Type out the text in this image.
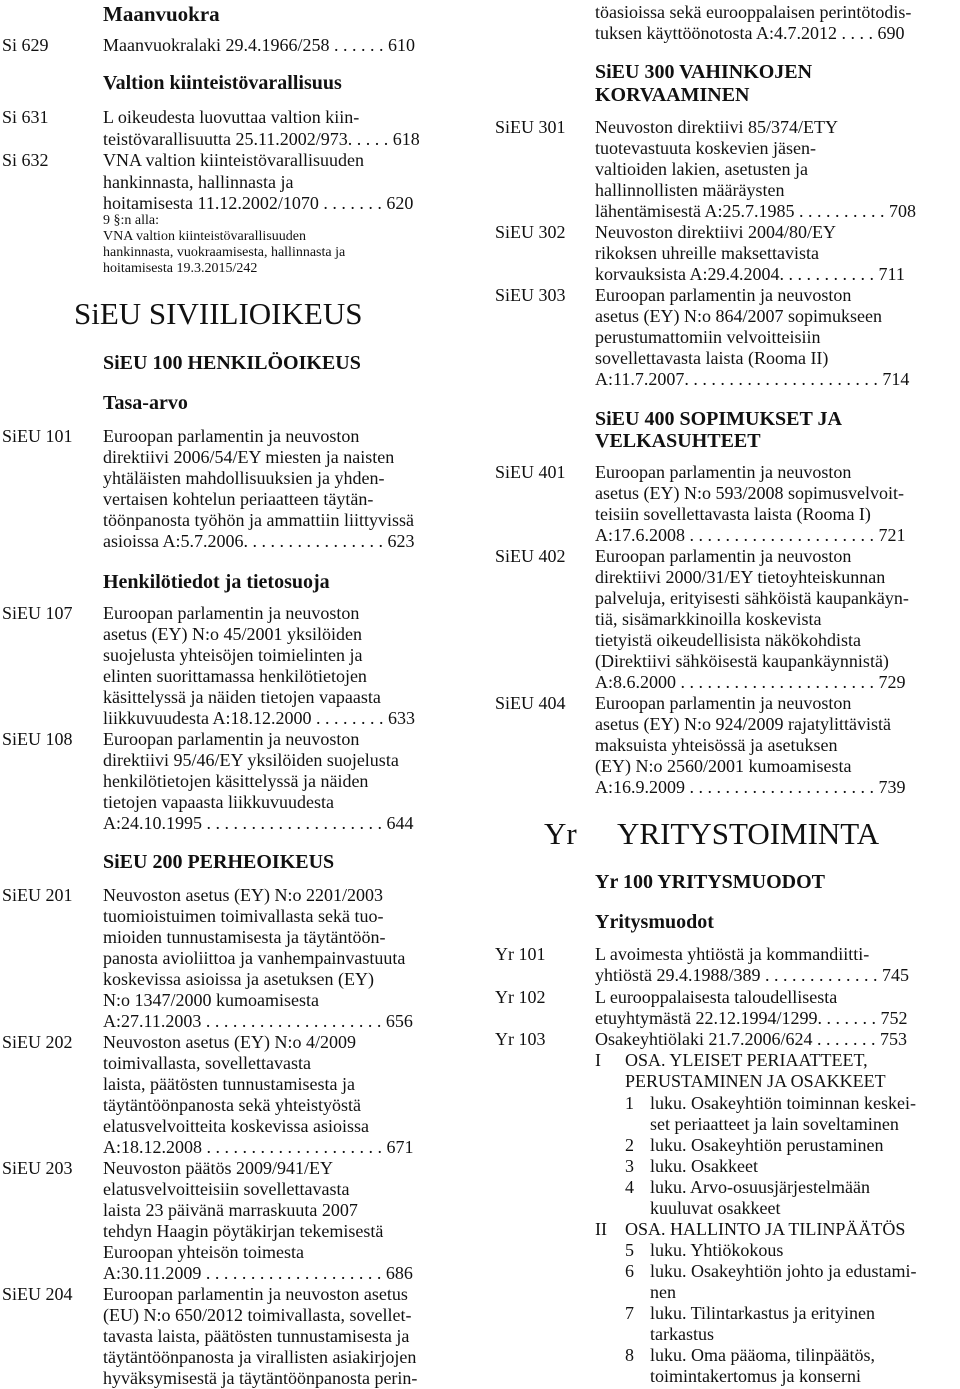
Maanvuokra
Si 629	Maanvuokralaki 29.4.1966/258 . . . . . . 610
Valtion kiinteistövarallisuus
Si 631	L oikeudesta luovuttaa valtion kiin-
teistövarallisuutta 25.11.2002/973. . . . . 618
Si 632	VNA valtion kiinteistövarallisuuden
hankinnasta, hallinnasta ja
hoitamisesta 11.12.2002/1070 . . . . . . . 620
9 §:n alla:
VNA valtion kiinteistövarallisuuden
hankinnasta, vuokraamisesta, hallinnasta ja
hoitamisesta 19.3.2015/242
SiEU SIVIILIOIKEUS
SiEU 100 HENKILÖOIKEUS
Tasa-arvo
SiEU 101 Euroopan parlamentin ja neuvoston
direktiivi 2006/54/EY miesten ja naisten
yhtäläisten mahdollisuuksien ja yhden-
vertaisen kohtelun periaatteen täytän-
töönpanosta työhön ja ammattiin liittyvissä
asioissa A:5.7.2006. . . . . . . . . . . . . . . . 623
Henkilötiedot ja tietosuoja
SiEU 107 Euroopan parlamentin ja neuvoston
asetus (EY) N:o 45/2001 yksilöiden
suojelusta yhteisöjen toimielinten ja
elinten suorittamassa henkilötietojen
käsittelyssä ja näiden tietojen vapaasta
liikkuvuudesta A:18.12.2000 . . . . . . . . 633
SiEU 108 Euroopan parlamentin ja neuvoston
direktiivi 95/46/EY yksilöiden suojelusta
henkilötietojen käsittelyssä ja näiden
tietojen vapaasta liikkuvuudesta
A:24.10.1995 . . . . . . . . . . . . . . . . . . . . 644
SiEU 200 PERHEOIKEUS
SiEU 201 Neuvoston asetus (EY) N:o 2201/2003
tuomioistuimen toimivallasta sekä tuo-
mioiden tunnustamisesta ja täytäntöön-
panosta avioliittoa ja vanhempainvastuuta
koskevissa asioissa ja asetuksen (EY)
N:o 1347/2000 kumoamisesta
A:27.11.2003 . . . . . . . . . . . . . . . . . . . . 656
SiEU 202 Neuvoston asetus (EY) N:o 4/2009
toimivallasta, sovellettavasta
laista, päätösten tunnustamisesta ja
täytäntöönpanosta sekä yhteistyöstä
elatusvelvoitteita koskevissa asioissa
A:18.12.2008 . . . . . . . . . . . . . . . . . . . . 671
SiEU 203 Neuvoston päätös 2009/941/EY
elatusvelvoitteisiin sovellettavasta
laista 23 päivänä marraskuuta 2007
tehdyn Haagin pöytäkirjan tekemisestä
Euroopan yhteisön toimesta
A:30.11.2009 . . . . . . . . . . . . . . . . . . . . 686
SiEU 204 Euroopan parlamentin ja neuvoston asetus
(EU) N:o 650/2012 toimivallasta, sovellet-
tavasta laista, päätösten tunnustamisesta ja
täytäntöönpanosta ja virallisten asiakirjojen
hyväksymisestä ja täytäntöönpanosta perin-
töasioissa sekä eurooppalaisen perintötodis-
tuksen käyttöönotosta A:4.7.2012 . . . . 690
SiEU 300 VAHINKOJEN
KORVAAMINEN
SiEU 301 Neuvoston direktiivi 85/374/ETY
tuotevastuuta koskevien jäsen-
valtioiden lakien, asetusten ja
hallinnollisten määräysten
lähentämisestä A:25.7.1985 . . . . . . . . . . 708
SiEU 302 Neuvoston direktiivi 2004/80/EY
rikoksen uhreille maksettavista
korvauksista A:29.4.2004. . . . . . . . . . . 711
SiEU 303 Euroopan parlamentin ja neuvoston
asetus (EY) N:o 864/2007 sopimukseen
perustumattomiin velvoitteisiin
sovellettavasta laista (Rooma II)
A:11.7.2007. . . . . . . . . . . . . . . . . . . . . . 714
SiEU 400 SOPIMUKSET JA
VELKASUHTEET
SiEU 401 Euroopan parlamentin ja neuvoston
asetus (EY) N:o 593/2008 sopimusvelvoit-
teisiin sovellettavasta laista (Rooma I)
A:17.6.2008 . . . . . . . . . . . . . . . . . . . . . 721
SiEU 402 Euroopan parlamentin ja neuvoston
direktiivi 2000/31/EY tietoyhteiskunnan
palveluja, erityisesti sähköistä kaupankäyn-
tiä, sisämarkkinoilla koskevista
tietyistä oikeudellisista näkökohdista
(Direktiivi sähköisestä kaupankäynnistä)
A:8.6.2000 . . . . . . . . . . . . . . . . . . . . . . 729
SiEU 404 Euroopan parlamentin ja neuvoston
asetus (EY) N:o 924/2009 rajatylittävistä
maksuista yhteisössä ja asetuksen
(EY) N:o 2560/2001 kumoamisesta
A:16.9.2009 . . . . . . . . . . . . . . . . . . . . . 739
Yr YRITYSTOIMINTA
Yr 100 YRITYSMUODOT
Yritysmuodot
Yr 101	L avoimesta yhtiöstä ja kommandiitti-
yhtiöstä 29.4.1988/389 . . . . . . . . . . . . . 745
Yr 102	L eurooppalaisesta taloudellisesta
etuyhtymästä 22.12.1994/1299. . . . . . . 752
Yr 103	Osakeyhtiölaki 21.7.2006/624 . . . . . . . 753
I OSA. YLEISET PERIAATTEET,
PERUSTAMINEN JA OSAKKEET
1 luku. Osakeyhtiön toiminnan keskei-
set periaatteet ja lain soveltaminen
2 luku. Osakeyhtiön perustaminen
3 luku. Osakkeet
4 luku. Arvo-osuusjärjestelmään
kuuluvat osakkeet
II OSA. HALLINTO JA TILINPÄÄTÖS
5 luku. Yhtiökokous
6 luku. Osakeyhtiön johto ja edustami-
nen
7 luku. Tilintarkastus ja erityinen
tarkastus
8 luku. Oma pääoma, tilinpäätös,
toimintakertomus ja konserni
